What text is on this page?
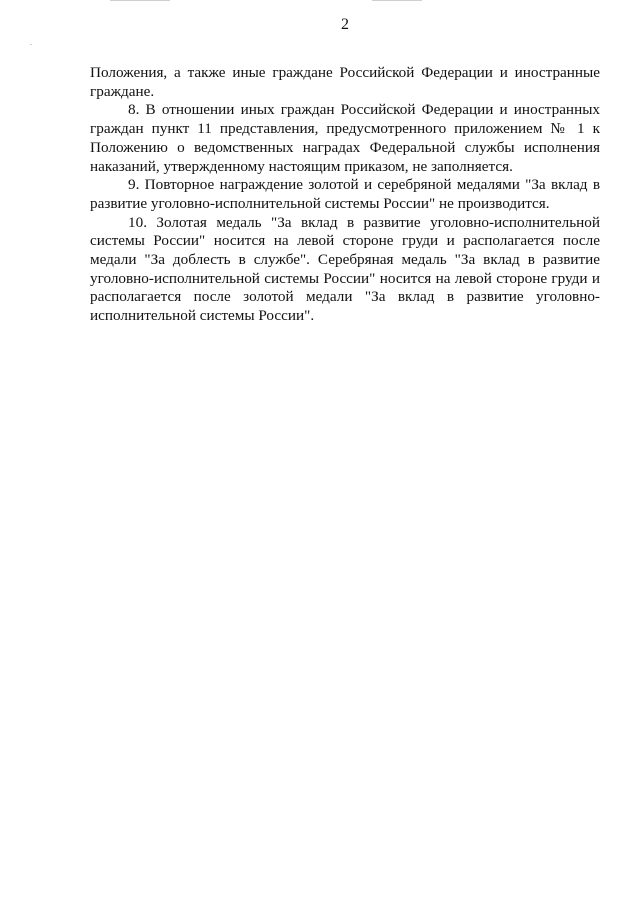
2

Положения, а также иные граждане Российской Федерации и иностранные граждане.

8. В отношении иных граждан Российской Федерации и иностранных граждан пункт 11 представления, предусмотренного приложением № 1 к Положению о ведомственных наградах Федеральной службы исполнения наказаний, утвержденному настоящим приказом, не заполняется.

9. Повторное награждение золотой и серебряной медалями "За вклад в развитие уголовно-исполнительной системы России" не производится.

10. Золотая медаль "За вклад в развитие уголовно-исполнительной системы России" носится на левой стороне груди и располагается после медали "За доблесть в службе". Серебряная медаль "За вклад в развитие уголовно-исполнительной системы России" носится на левой стороне груди и располагается после золотой медали "За вклад в развитие уголовно-исполнительной системы России".
